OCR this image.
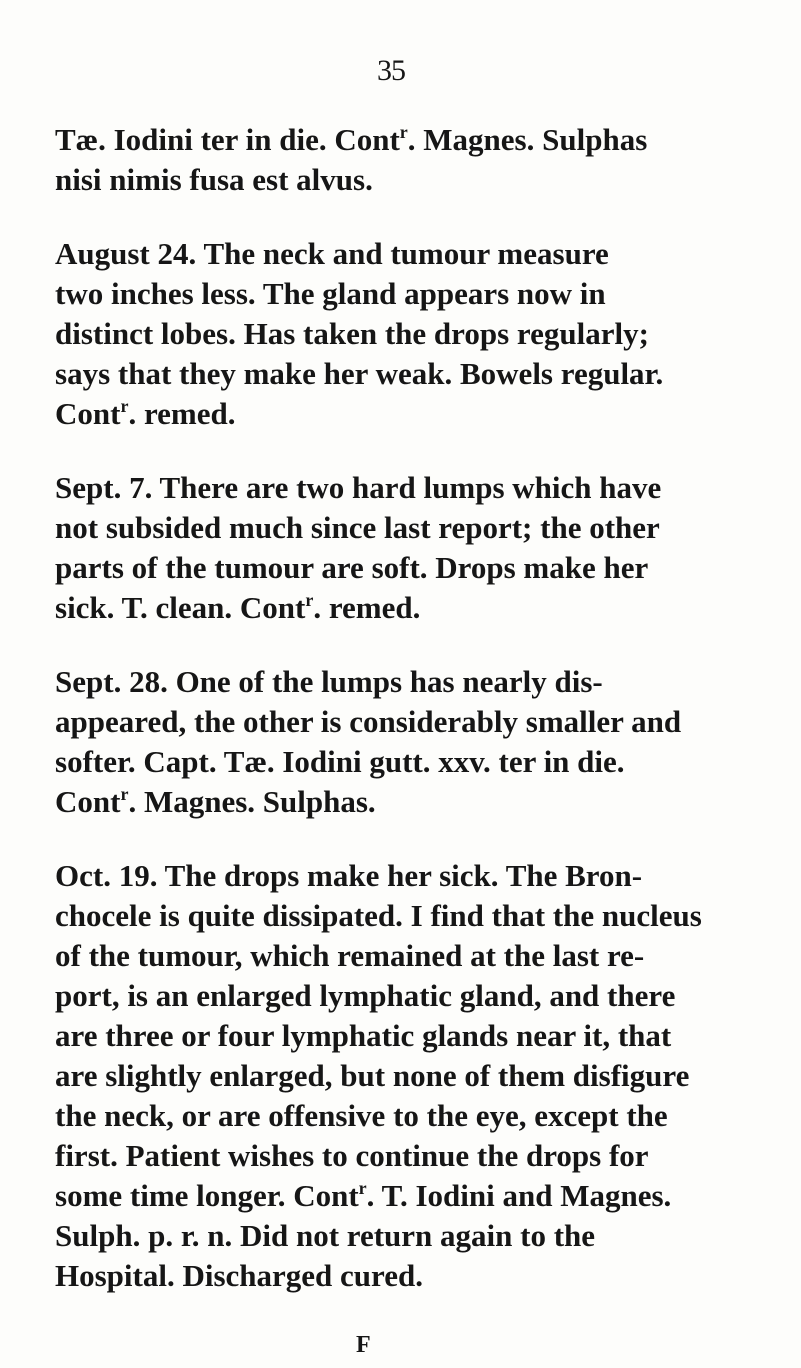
35

Tæ. Iodini ter in die. Cont$^r$. Magnes. Sulphas
nisi nimis fusa est alvus.

August 24. The neck and tumour measure
two inches less. The gland appears now in
distinct lobes. Has taken the drops regularly;
says that they make her weak. Bowels regular.
Cont$^r$. remed.

Sept. 7. There are two hard lumps which have
not subsided much since last report; the other
parts of the tumour are soft. Drops make her
sick. T. clean. Cont$^r$. remed.

Sept. 28. One of the lumps has nearly dis-
appeared, the other is considerably smaller and
softer. Capt. Tæ. Iodini gutt. xxv. ter in die.
Cont$^r$. Magnes. Sulphas.

Oct. 19. The drops make her sick. The Bron-
chocele is quite dissipated. I find that the nucleus
of the tumour, which remained at the last re-
port, is an enlarged lymphatic gland, and there
are three or four lymphatic glands near it, that
are slightly enlarged, but none of them disfigure
the neck, or are offensive to the eye, except the
first. Patient wishes to continue the drops for
some time longer. Cont$^r$. T. Iodini and Magnes.
Sulph. p. r. n. Did not return again to the
Hospital. Discharged cured.

F
